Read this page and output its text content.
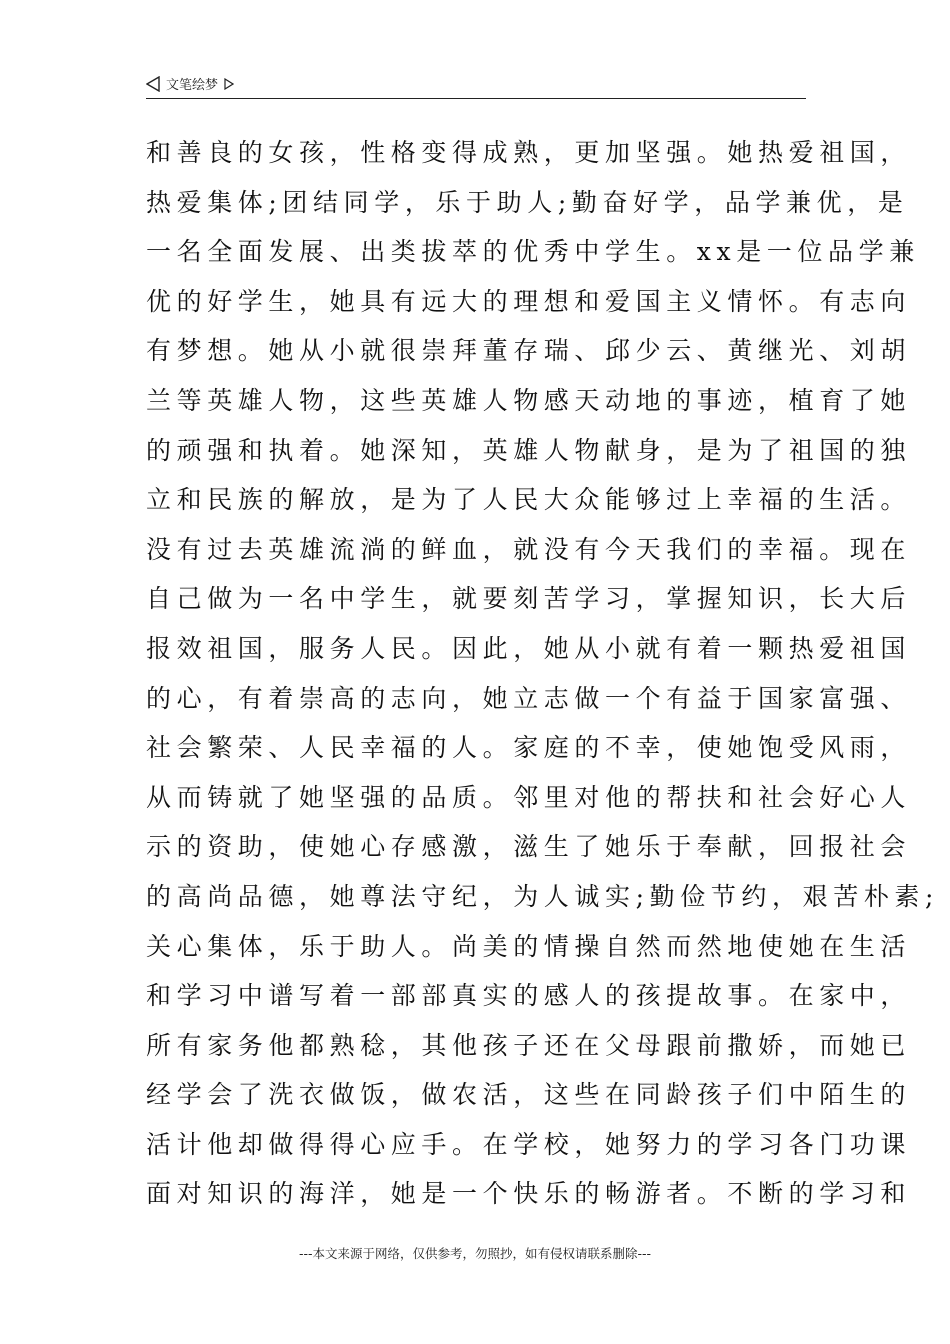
文笔绘梦
和善良的女孩，性格变得成熟，更加坚强。她热爱祖国，
热爱集体;团结同学，乐于助人;勤奋好学，品学兼优，是
一名全面发展、出类拔萃的优秀中学生。xx是一位品学兼
优的好学生，她具有远大的理想和爱国主义情怀。有志向
有梦想。她从小就很崇拜董存瑞、邱少云、黄继光、刘胡
兰等英雄人物，这些英雄人物感天动地的事迹，植育了她
的顽强和执着。她深知，英雄人物献身，是为了祖国的独
立和民族的解放，是为了人民大众能够过上幸福的生活。
没有过去英雄流淌的鲜血，就没有今天我们的幸福。现在
自己做为一名中学生，就要刻苦学习，掌握知识，长大后
报效祖国，服务人民。因此，她从小就有着一颗热爱祖国
的心，有着崇高的志向，她立志做一个有益于国家富强、
社会繁荣、人民幸福的人。家庭的不幸，使她饱受风雨，
从而铸就了她坚强的品质。邻里对他的帮扶和社会好心人
示的资助，使她心存感激，滋生了她乐于奉献，回报社会
的高尚品德，她尊法守纪，为人诚实;勤俭节约，艰苦朴素;
关心集体，乐于助人。尚美的情操自然而然地使她在生活
和学习中谱写着一部部真实的感人的孩提故事。在家中，
所有家务他都熟稔，其他孩子还在父母跟前撒娇，而她已
经学会了洗衣做饭，做农活，这些在同龄孩子们中陌生的
活计他却做得得心应手。在学校，她努力的学习各门功课
面对知识的海洋，她是一个快乐的畅游者。不断的学习和
---本文来源于网络，仅供参考，勿照抄，如有侵权请联系删除---
